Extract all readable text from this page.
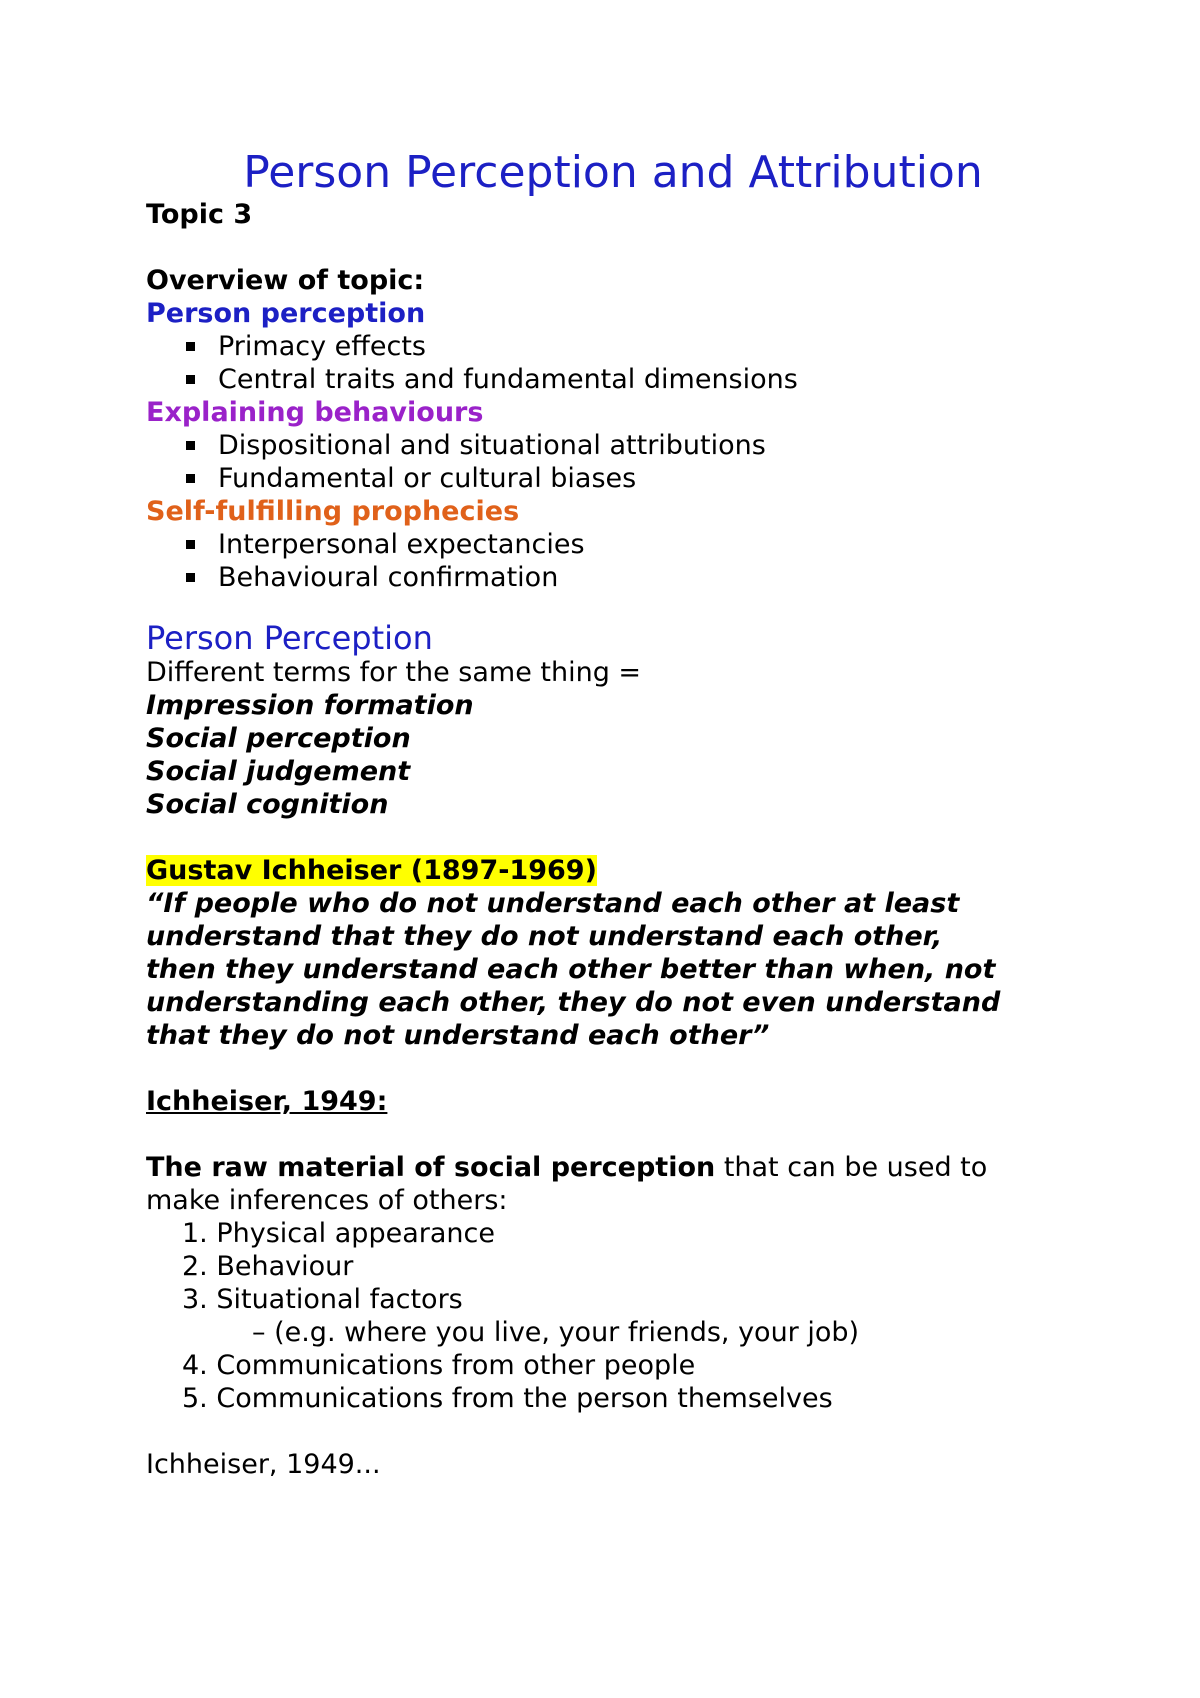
Person Perception and Attribution
Topic 3
Overview of topic:
Person perception
Primacy effects
Central traits and fundamental dimensions
Explaining behaviours
Dispositional and situational attributions
Fundamental or cultural biases
Self-fulfilling prophecies
Interpersonal expectancies
Behavioural confirmation
Person Perception
Different terms for the same thing =
Impression formation
Social perception
Social judgement
Social cognition
Gustav Ichheiser (1897-1969)
“If people who do not understand each other at least
understand that they do not understand each other,
then they understand each other better than when, not
understanding each other, they do not even understand
that they do not understand each other”
Ichheiser, 1949:
The raw material of social perception that can be used to
make inferences of others:
1. Physical appearance
2. Behaviour
3. Situational factors
– (e.g. where you live, your friends, your job)
4. Communications from other people
5. Communications from the person themselves
Ichheiser, 1949...
